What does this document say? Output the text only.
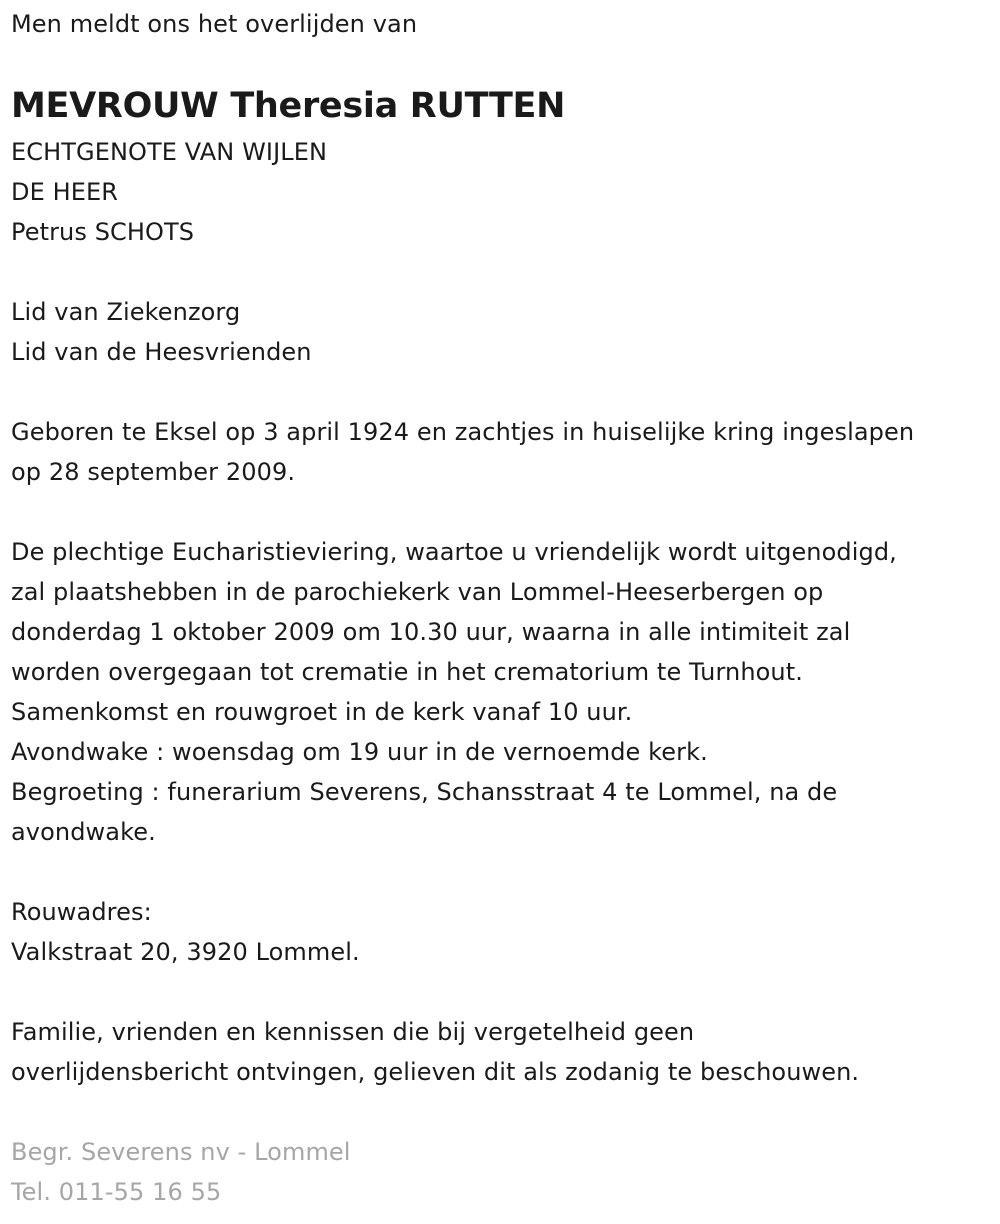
Men meldt ons het overlijden van
MEVROUW Theresia RUTTEN
ECHTGENOTE VAN WIJLEN
DE HEER
Petrus SCHOTS
Lid van Ziekenzorg
Lid van de Heesvrienden
Geboren te Eksel op 3 april 1924 en zachtjes in huiselijke kring ingeslapen
op 28 september 2009.
De plechtige Eucharistieviering, waartoe u vriendelijk wordt uitgenodigd,
zal plaatshebben in de parochiekerk van Lommel-Heeserbergen op
donderdag 1 oktober 2009 om 10.30 uur, waarna in alle intimiteit zal
worden overgegaan tot crematie in het crematorium te Turnhout.
Samenkomst en rouwgroet in de kerk vanaf 10 uur.
Avondwake : woensdag om 19 uur in de vernoemde kerk.
Begroeting : funerarium Severens, Schansstraat 4 te Lommel, na de
avondwake.
Rouwadres:
Valkstraat 20, 3920 Lommel.
Familie, vrienden en kennissen die bij vergetelheid geen
overlijdensbericht ontvingen, gelieven dit als zodanig te beschouwen.
Begr. Severens nv - Lommel
Tel. 011-55 16 55
